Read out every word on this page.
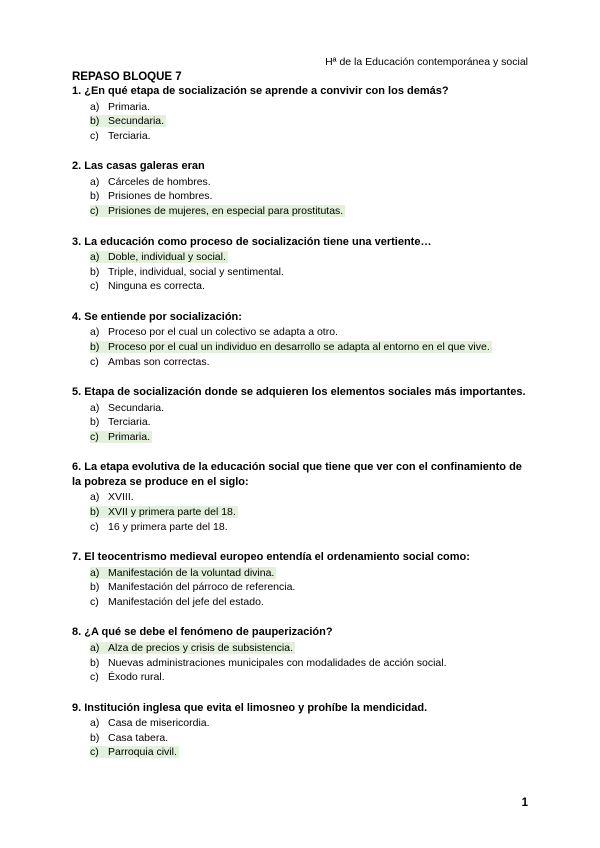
Hª de la Educación contemporánea y social

REPASO BLOQUE 7

1. ¿En qué etapa de socialización se aprende a convivir con los demás?

a) Primaria.
b) Secundaria.
c) Terciaria.

2. Las casas galeras eran

a) Cárceles de hombres.
b) Prisiones de hombres.
c) Prisiones de mujeres, en especial para prostitutas.

3. La educación como proceso de socialización tiene una vertiente…

a) Doble, individual y social.
b) Triple, individual, social y sentimental.
c) Ninguna es correcta.

4. Se entiende por socialización:

a) Proceso por el cual un colectivo se adapta a otro.
b) Proceso por el cual un individuo en desarrollo se adapta al entorno en el que vive.
c) Ambas son correctas.

5. Etapa de socialización donde se adquieren los elementos sociales más importantes.

a) Secundaria.
b) Terciaria.
c) Primaria.

6. La etapa evolutiva de la educación social que tiene que ver con el confinamiento de la pobreza se produce en el siglo:

a) XVIII.
b) XVII y primera parte del 18.
c) 16 y primera parte del 18.

7. El teocentrismo medieval europeo entendía el ordenamiento social como:

a) Manifestación de la voluntad divina.
b) Manifestación del párroco de referencia.
c) Manifestación del jefe del estado.

8. ¿A qué se debe el fenómeno de pauperización?

a) Alza de precios y crisis de subsistencia.
b) Nuevas administraciones municipales con modalidades de acción social.
c) Éxodo rural.

9. Institución inglesa que evita el limosneo y prohíbe la mendicidad.

a) Casa de misericordia.
b) Casa tabera.
c) Parroquia civil.
1
